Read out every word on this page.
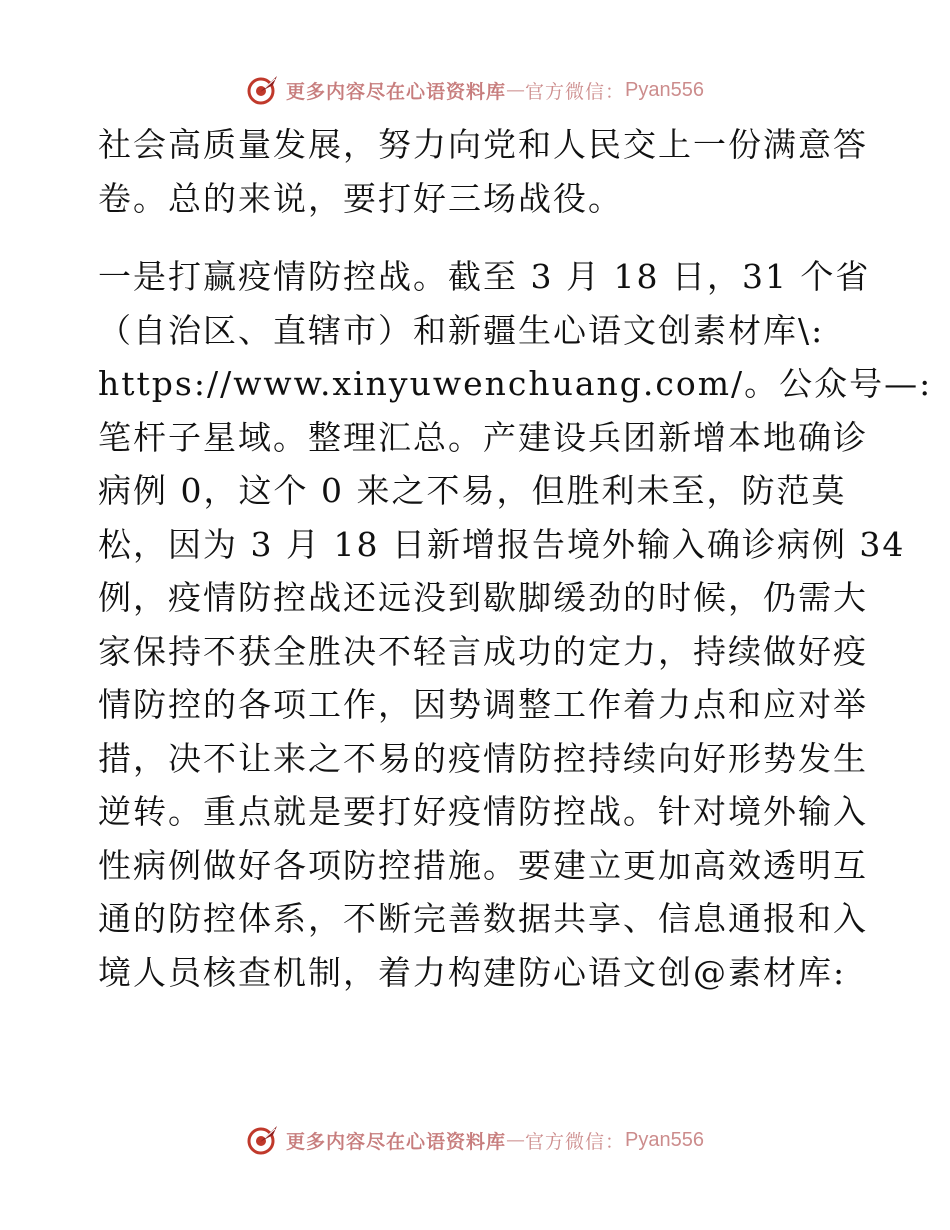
更多内容尽在心语资料库 — 官方微信： Pyan556
社会高质量发展，努力向党和人民交上一份满意答
卷。总的来说，要打好三场战役。
一是打赢疫情防控战。截至 3 月 18 日，31 个省
（自治区、直辖市）和新疆生心语文创素材库\:
https://www.xinyuwenchuang.com/。公众号—:
笔杆子星域。整理汇总。产建设兵团新增本地确诊
病例 0，这个 0 来之不易，但胜利未至，防范莫
松，因为 3 月 18 日新增报告境外输入确诊病例 34
例，疫情防控战还远没到歇脚缓劲的时候，仍需大
家保持不获全胜决不轻言成功的定力，持续做好疫
情防控的各项工作，因势调整工作着力点和应对举
措，决不让来之不易的疫情防控持续向好形势发生
逆转。重点就是要打好疫情防控战。针对境外输入
性病例做好各项防控措施。要建立更加高效透明互
通的防控体系，不断完善数据共享、信息通报和入
境人员核查机制，着力构建防心语文创@素材库:
更多内容尽在心语资料库 — 官方微信： Pyan556
